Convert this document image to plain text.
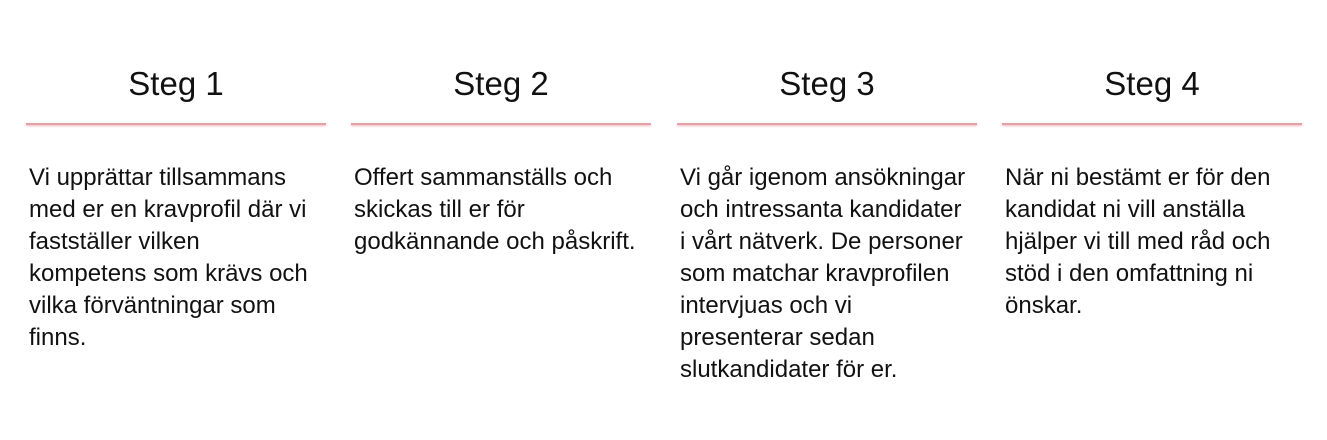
Steg 1

Vi upprättar tillsammans
med er en kravprofil där vi
fastställer vilken
kompetens som krävs och
vilka förväntningar som
finns.

Steg 2

Offert sammanställs och
skickas till er för
godkännande och påskrift.

Steg 3

Vi går igenom ansökningar
och intressanta kandidater
i vårt nätverk. De personer
som matchar kravprofilen
intervjuas och vi
presenterar sedan
slutkandidater för er.

Steg 4

När ni bestämt er för den
kandidat ni vill anställa
hjälper vi till med råd och
stöd i den omfattning ni
önskar.
